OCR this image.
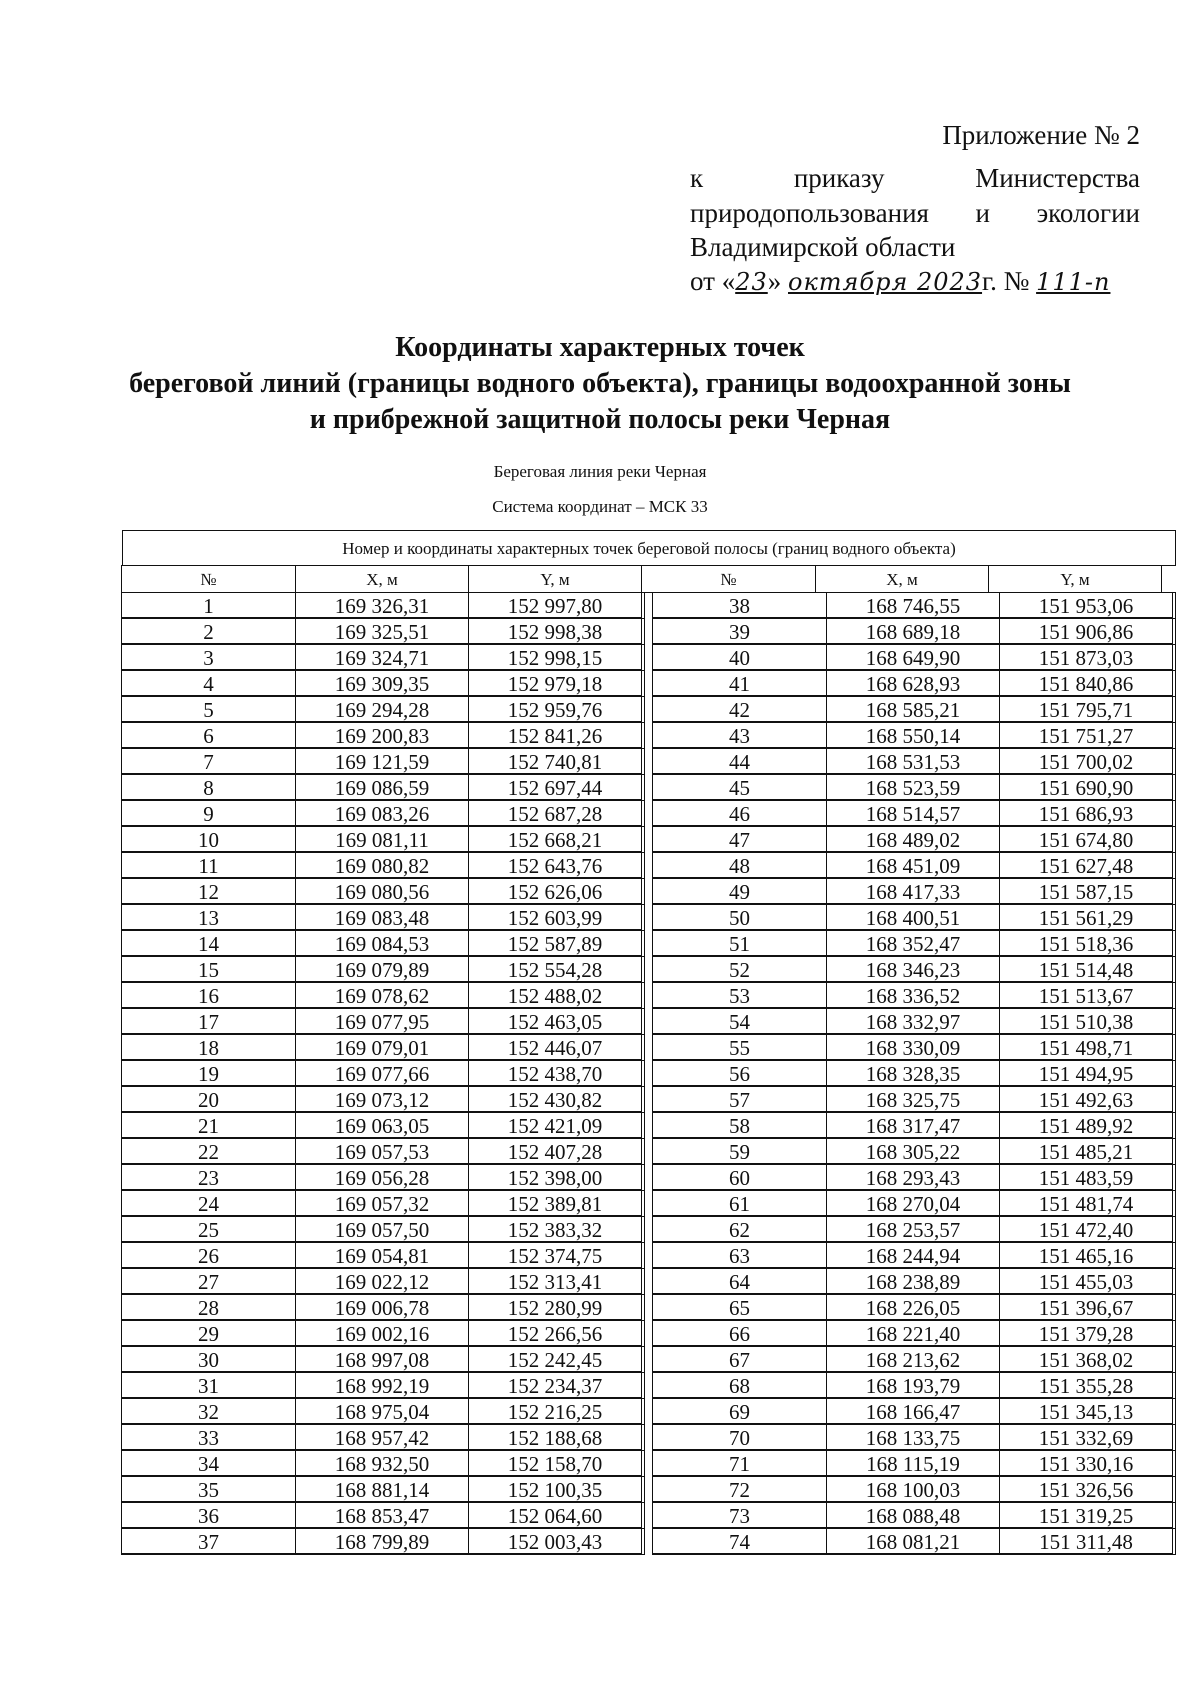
Приложение № 2
к	приказу	Министерства
природопользования и экологии
Владимирской области
от «23» октября 2023г. № 111-п
Координаты характерных точек
береговой линий (границы водного объекта), границы водоохранной зоны
и прибрежной защитной полосы реки Черная
Береговая линия реки Черная
Система координат – МСК 33
Номер и координаты характерных точек береговой полосы (границ водного объекта)
№	X, м	Y, м	№	X, м	Y, м
1	169 326,31	152 997,80
2	169 325,51	152 998,38
3	169 324,71	152 998,15
4	169 309,35	152 979,18
5	169 294,28	152 959,76
6	169 200,83	152 841,26
7	169 121,59	152 740,81
8	169 086,59	152 697,44
9	169 083,26	152 687,28
10	169 081,11	152 668,21
11	169 080,82	152 643,76
12	169 080,56	152 626,06
13	169 083,48	152 603,99
14	169 084,53	152 587,89
15	169 079,89	152 554,28
16	169 078,62	152 488,02
17	169 077,95	152 463,05
18	169 079,01	152 446,07
19	169 077,66	152 438,70
20	169 073,12	152 430,82
21	169 063,05	152 421,09
22	169 057,53	152 407,28
23	169 056,28	152 398,00
24	169 057,32	152 389,81
25	169 057,50	152 383,32
26	169 054,81	152 374,75
27	169 022,12	152 313,41
28	169 006,78	152 280,99
29	169 002,16	152 266,56
30	168 997,08	152 242,45
31	168 992,19	152 234,37
32	168 975,04	152 216,25
33	168 957,42	152 188,68
34	168 932,50	152 158,70
35	168 881,14	152 100,35
36	168 853,47	152 064,60
37	168 799,89	152 003,43
38	168 746,55	151 953,06
39	168 689,18	151 906,86
40	168 649,90	151 873,03
41	168 628,93	151 840,86
42	168 585,21	151 795,71
43	168 550,14	151 751,27
44	168 531,53	151 700,02
45	168 523,59	151 690,90
46	168 514,57	151 686,93
47	168 489,02	151 674,80
48	168 451,09	151 627,48
49	168 417,33	151 587,15
50	168 400,51	151 561,29
51	168 352,47	151 518,36
52	168 346,23	151 514,48
53	168 336,52	151 513,67
54	168 332,97	151 510,38
55	168 330,09	151 498,71
56	168 328,35	151 494,95
57	168 325,75	151 492,63
58	168 317,47	151 489,92
59	168 305,22	151 485,21
60	168 293,43	151 483,59
61	168 270,04	151 481,74
62	168 253,57	151 472,40
63	168 244,94	151 465,16
64	168 238,89	151 455,03
65	168 226,05	151 396,67
66	168 221,40	151 379,28
67	168 213,62	151 368,02
68	168 193,79	151 355,28
69	168 166,47	151 345,13
70	168 133,75	151 332,69
71	168 115,19	151 330,16
72	168 100,03	151 326,56
73	168 088,48	151 319,25
74	168 081,21	151 311,48
